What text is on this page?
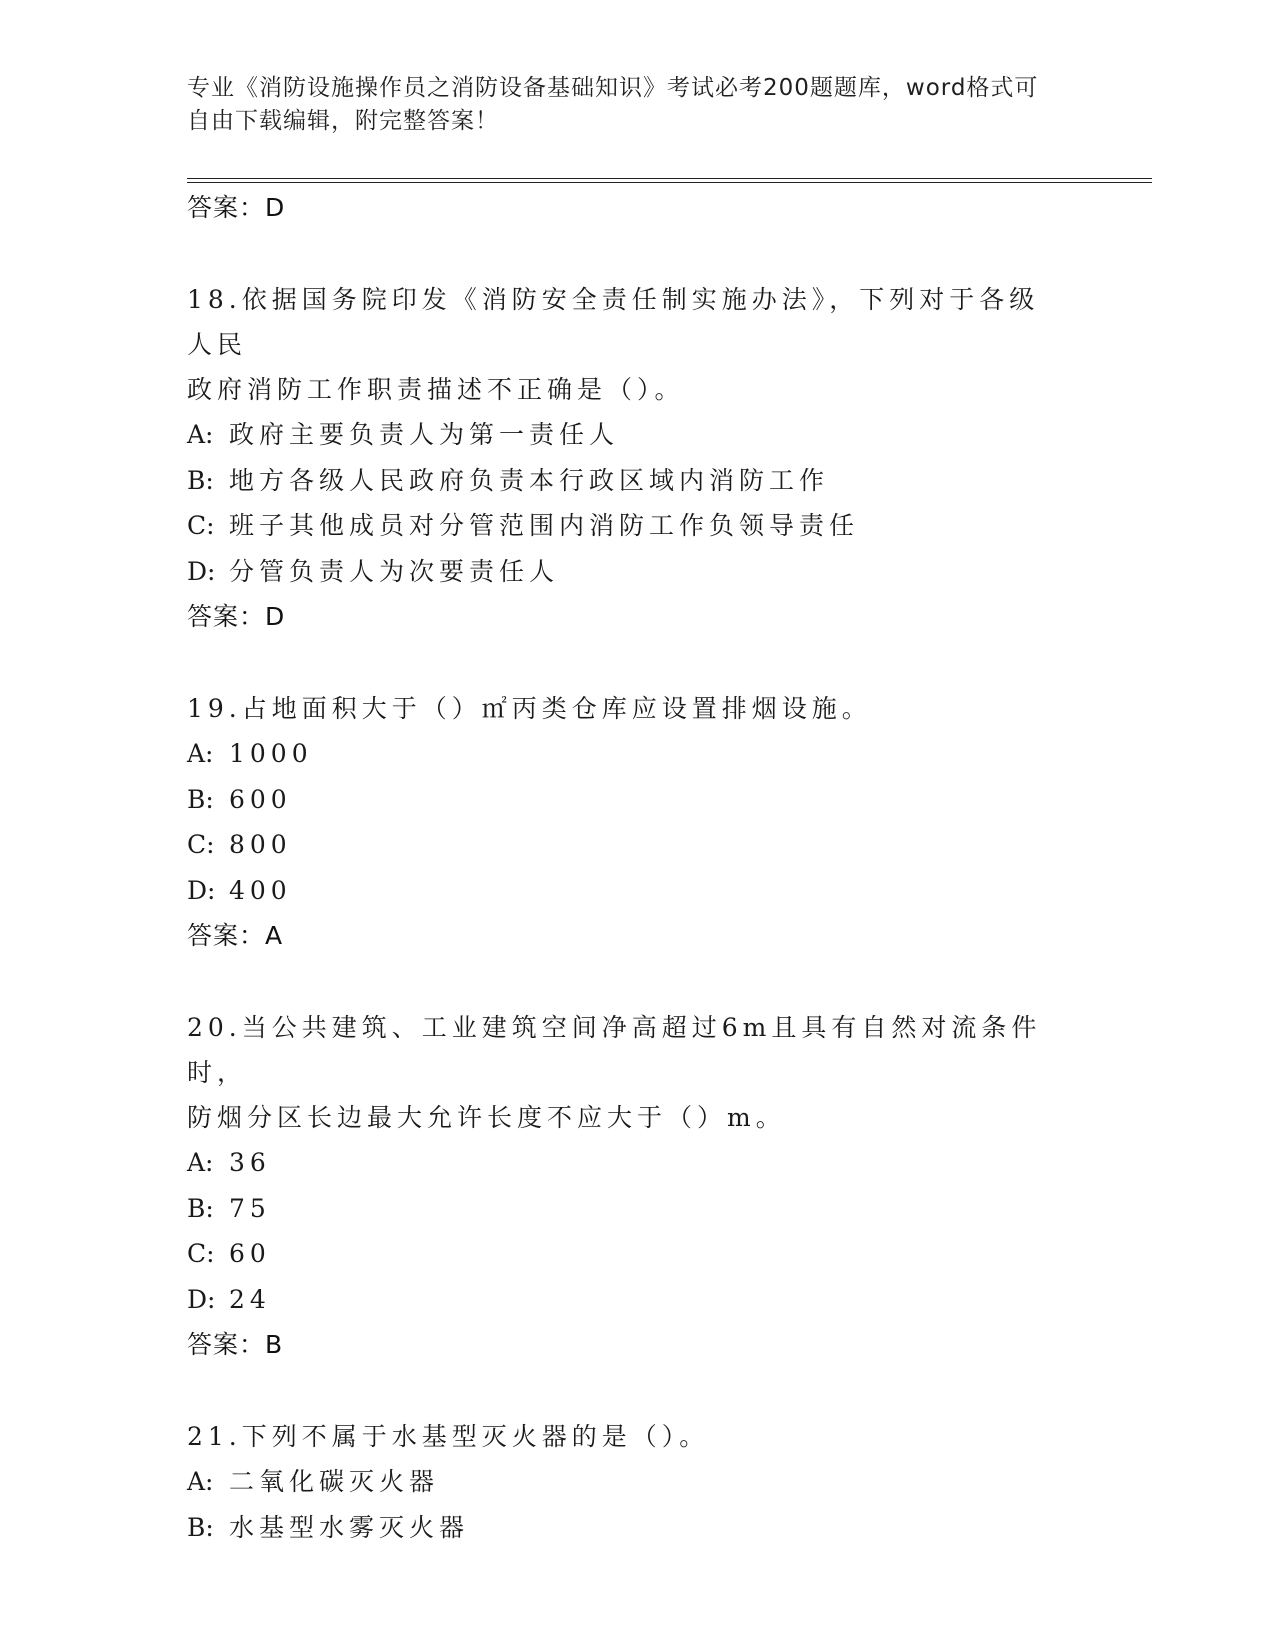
专业《消防设施操作员之消防设备基础知识》考试必考200题题库，word格式可
自由下载编辑，附完整答案！
答案：D
18.依据国务院印发《消防安全责任制实施办法》，下列对于各级人民
政府消防工作职责描述不正确是（）。
A: 政府主要负责人为第一责任人
B: 地方各级人民政府负责本行政区域内消防工作
C: 班子其他成员对分管范围内消防工作负领导责任
D: 分管负责人为次要责任人
答案：D
19.占地面积大于（）㎡丙类仓库应设置排烟设施。
A: 1000
B: 600
C: 800
D: 400
答案：A
20.当公共建筑、工业建筑空间净高超过6m且具有自然对流条件时，
防烟分区长边最大允许长度不应大于（）m。
A: 36
B: 75
C: 60
D: 24
答案：B
21.下列不属于水基型灭火器的是（）。
A: 二氧化碳灭火器
B: 水基型水雾灭火器
